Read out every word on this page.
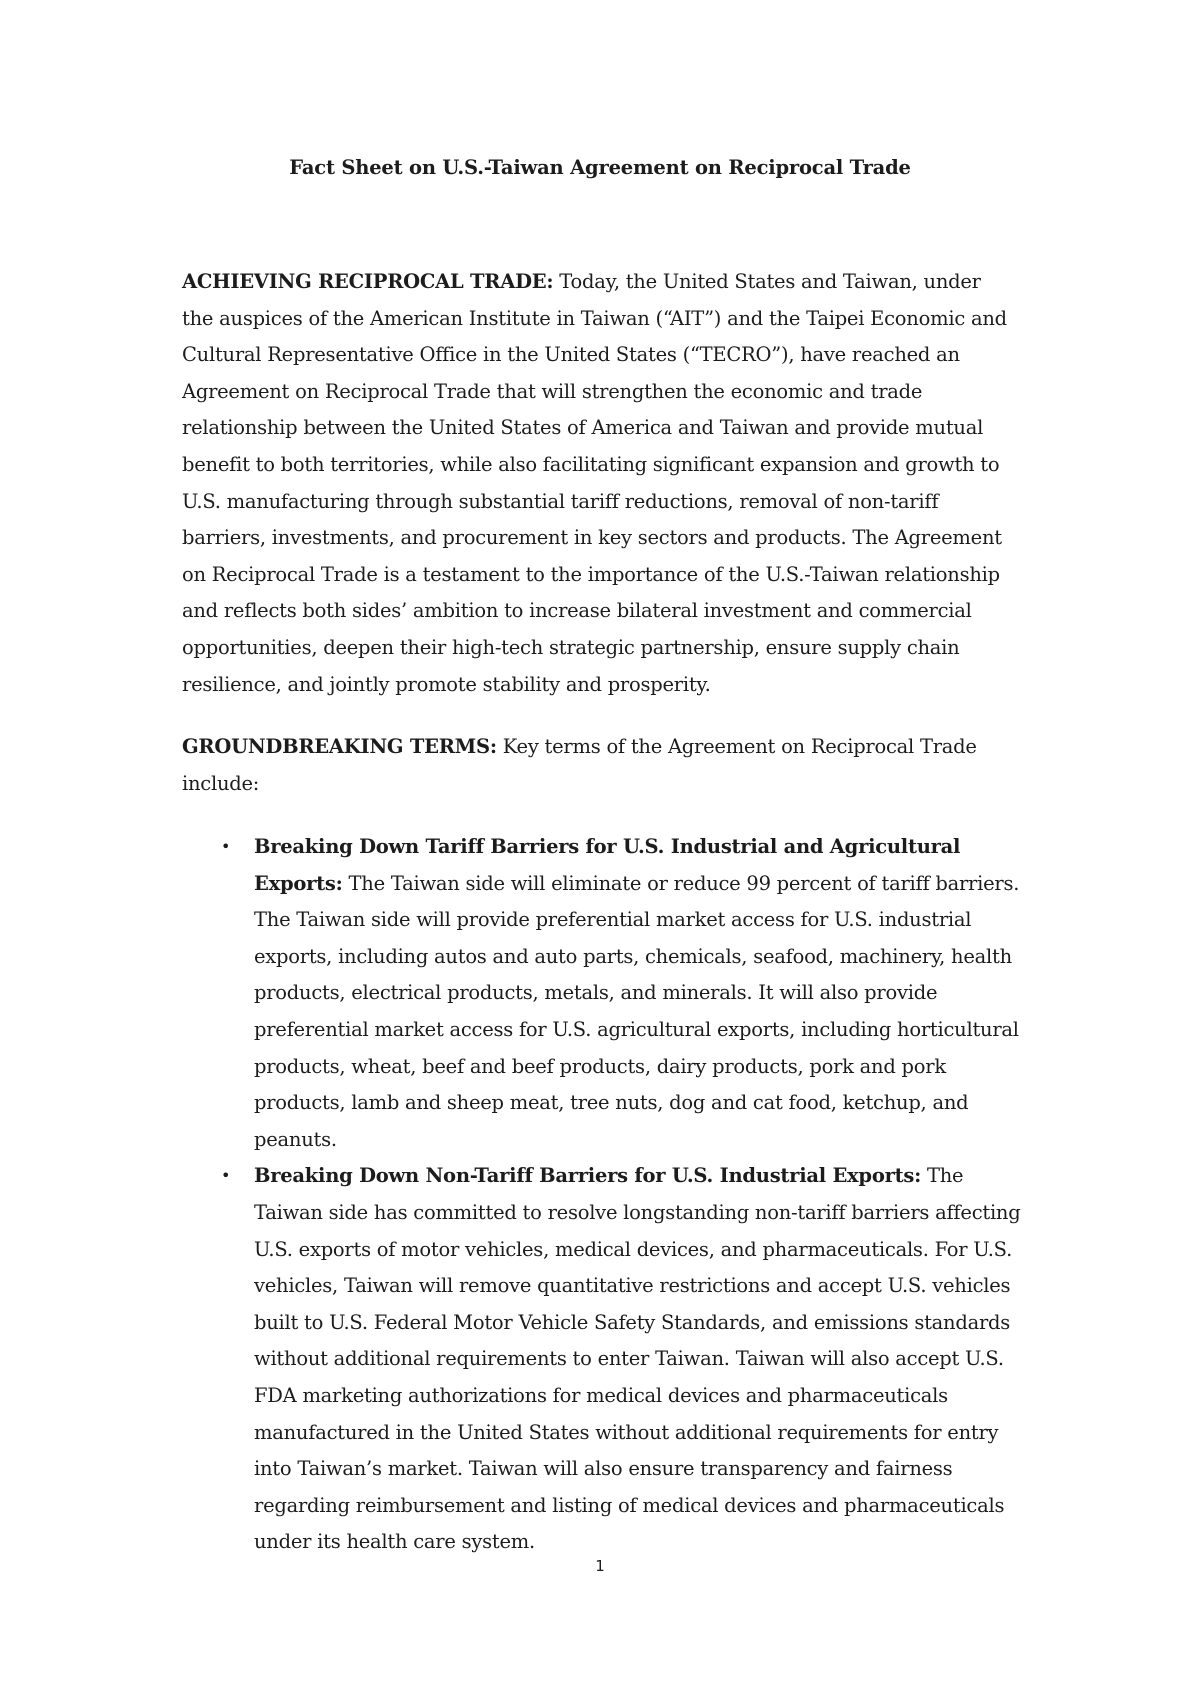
Fact Sheet on U.S.-Taiwan Agreement on Reciprocal Trade

ACHIEVING RECIPROCAL TRADE: Today, the United States and Taiwan, under the auspices of the American Institute in Taiwan (“AIT”) and the Taipei Economic and Cultural Representative Office in the United States (“TECRO”), have reached an Agreement on Reciprocal Trade that will strengthen the economic and trade relationship between the United States of America and Taiwan and provide mutual benefit to both territories, while also facilitating significant expansion and growth to U.S. manufacturing through substantial tariff reductions, removal of non-tariff barriers, investments, and procurement in key sectors and products. The Agreement on Reciprocal Trade is a testament to the importance of the U.S.-Taiwan relationship and reflects both sides’ ambition to increase bilateral investment and commercial opportunities, deepen their high-tech strategic partnership, ensure supply chain resilience, and jointly promote stability and prosperity.

GROUNDBREAKING TERMS: Key terms of the Agreement on Reciprocal Trade include:

• Breaking Down Tariff Barriers for U.S. Industrial and Agricultural Exports: The Taiwan side will eliminate or reduce 99 percent of tariff barriers. The Taiwan side will provide preferential market access for U.S. industrial exports, including autos and auto parts, chemicals, seafood, machinery, health products, electrical products, metals, and minerals. It will also provide preferential market access for U.S. agricultural exports, including horticultural products, wheat, beef and beef products, dairy products, pork and pork products, lamb and sheep meat, tree nuts, dog and cat food, ketchup, and peanuts.
• Breaking Down Non-Tariff Barriers for U.S. Industrial Exports: The Taiwan side has committed to resolve longstanding non-tariff barriers affecting U.S. exports of motor vehicles, medical devices, and pharmaceuticals. For U.S. vehicles, Taiwan will remove quantitative restrictions and accept U.S. vehicles built to U.S. Federal Motor Vehicle Safety Standards, and emissions standards without additional requirements to enter Taiwan. Taiwan will also accept U.S. FDA marketing authorizations for medical devices and pharmaceuticals manufactured in the United States without additional requirements for entry into Taiwan’s market. Taiwan will also ensure transparency and fairness regarding reimbursement and listing of medical devices and pharmaceuticals under its health care system.
1
